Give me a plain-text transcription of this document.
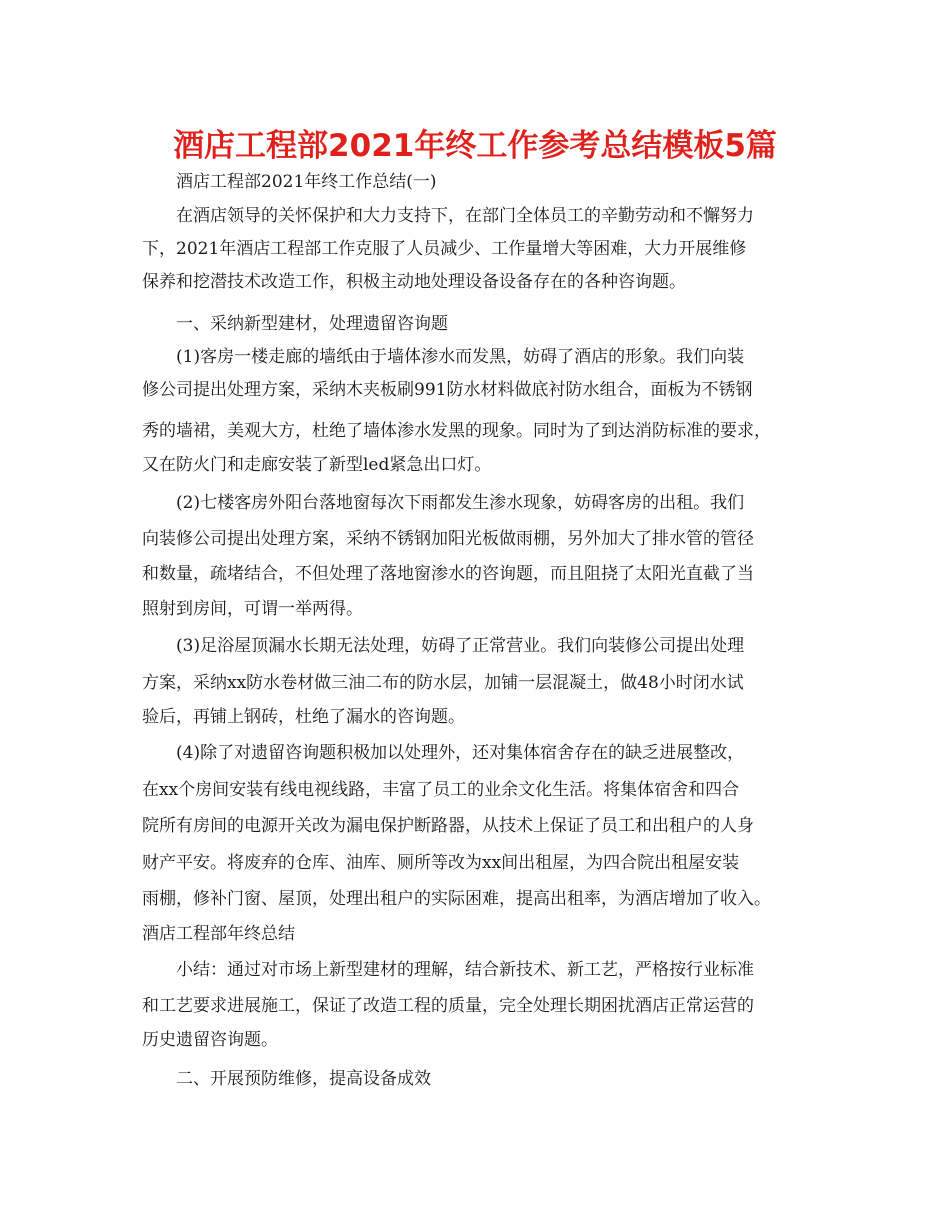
酒店工程部2021年终工作参考总结模板5篇
酒店工程部2021年终工作总结(一)
在酒店领导的关怀保护和大力支持下，在部门全体员工的辛勤劳动和不懈努力
下，2021年酒店工程部工作克服了人员减少、工作量增大等困难，大力开展维修
保养和挖潜技术改造工作，积极主动地处理设备设备存在的各种咨询题。
一、采纳新型建材，处理遗留咨询题
(1)客房一楼走廊的墙纸由于墙体渗水而发黑，妨碍了酒店的形象。我们向装
修公司提出处理方案，采纳木夹板刷991防水材料做底衬防水组合，面板为不锈钢
秀的墙裙，美观大方，杜绝了墙体渗水发黑的现象。同时为了到达消防标准的要求，
又在防火门和走廊安装了新型led紧急出口灯。
(2)七楼客房外阳台落地窗每次下雨都发生渗水现象，妨碍客房的出租。我们
向装修公司提出处理方案，采纳不锈钢加阳光板做雨棚，另外加大了排水管的管径
和数量，疏堵结合，不但处理了落地窗渗水的咨询题，而且阻挠了太阳光直截了当
照射到房间，可谓一举两得。
(3)足浴屋顶漏水长期无法处理，妨碍了正常营业。我们向装修公司提出处理
方案，采纳xx防水卷材做三油二布的防水层，加铺一层混凝土，做48小时闭水试
验后，再铺上钢砖，杜绝了漏水的咨询题。
(4)除了对遗留咨询题积极加以处理外，还对集体宿舍存在的缺乏进展整改，
在xx个房间安装有线电视线路，丰富了员工的业余文化生活。将集体宿舍和四合
院所有房间的电源开关改为漏电保护断路器，从技术上保证了员工和出租户的人身
财产平安。将废弃的仓库、油库、厕所等改为xx间出租屋，为四合院出租屋安装
雨棚，修补门窗、屋顶，处理出租户的实际困难，提高出租率，为酒店增加了收入。
酒店工程部年终总结
小结：通过对市场上新型建材的理解，结合新技术、新工艺，严格按行业标准
和工艺要求进展施工，保证了改造工程的质量，完全处理长期困扰酒店正常运营的
历史遗留咨询题。
二、开展预防维修，提高设备成效
